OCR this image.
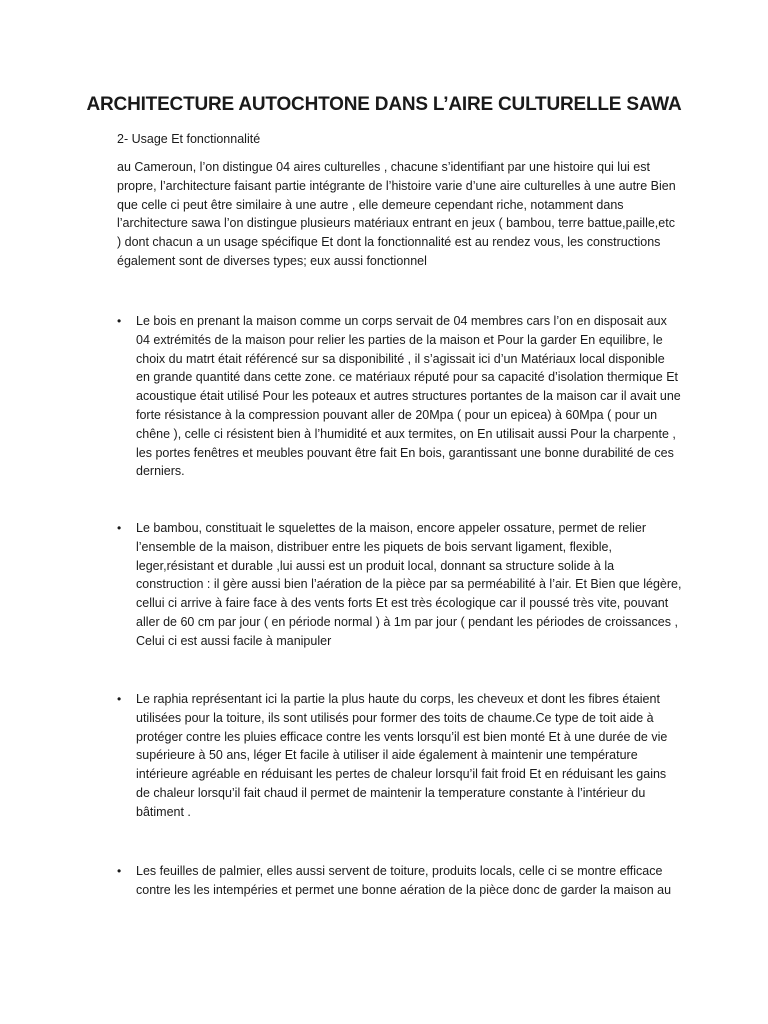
ARCHITECTURE AUTOCHTONE DANS L’AIRE CULTURELLE SAWA

2- Usage Et fonctionnalité

au Cameroun, l’on distingue 04 aires culturelles , chacune s’identifiant par une histoire qui lui est propre, l’architecture faisant partie intégrante de l’histoire varie d’une aire culturelles à une autre Bien que celle ci peut être similaire à une autre , elle demeure cependant riche, notamment dans l’architecture sawa l’on distingue plusieurs matériaux entrant en jeux ( bambou, terre battue,paille,etc ) dont chacun a un usage spécifique Et dont la fonctionnalité est au rendez vous, les constructions également sont de diverses types; eux aussi fonctionnel

• Le bois en prenant la maison comme un corps servait de 04 membres cars l’on en disposait aux 04 extrémités de la maison pour relier les parties de la maison et Pour la garder En equilibre, le choix du matrt était référencé sur sa disponibilité , il s’agissait ici d’un Matériaux local disponible en grande quantité dans cette zone. ce matériaux réputé pour sa capacité d’isolation thermique Et acoustique était utilisé Pour les poteaux et autres structures portantes de la maison car il avait une forte résistance à la compression pouvant aller de 20Mpa ( pour un epicea) à 60Mpa ( pour un chêne ), celle ci résistent bien à l’humidité et aux termites, on En utilisait aussi Pour la charpente , les portes fenêtres et meubles pouvant être fait En bois, garantissant une bonne durabilité de ces derniers.

• Le bambou, constituait le squelettes de la maison, encore appeler ossature, permet de relier l’ensemble de la maison, distribuer entre les piquets de bois servant ligament, flexible, leger,résistant et durable ,lui aussi est un produit local, donnant sa structure solide à la construction : il gère aussi bien l’aération de la pièce par sa perméabilité à l’air. Et Bien que légère, cellui ci arrive à faire face à des vents forts Et est très écologique car il poussé très vite, pouvant aller de 60 cm par jour ( en période normal ) à 1m par jour ( pendant les périodes de croissances , Celui ci est aussi facile à manipuler

• Le raphia représentant ici la partie la plus haute du corps, les cheveux et dont les fibres étaient utilisées pour la toiture, ils sont utilisés pour former des toits de chaume.Ce type de toit aide à protéger contre les pluies efficace contre les vents lorsqu’il est bien monté Et à une durée de vie supérieure à 50 ans, léger Et facile à utiliser il aide également à maintenir une température intérieure agréable en réduisant les pertes de chaleur lorsqu’il fait froid Et en réduisant les gains de chaleur lorsqu’il fait chaud il permet de maintenir la temperature constante à l’intérieur du bâtiment .

• Les feuilles de palmier, elles aussi servent de toiture, produits locals, celle ci se montre efficace contre les les intempéries et permet une bonne aération de la pièce donc de garder la maison au
